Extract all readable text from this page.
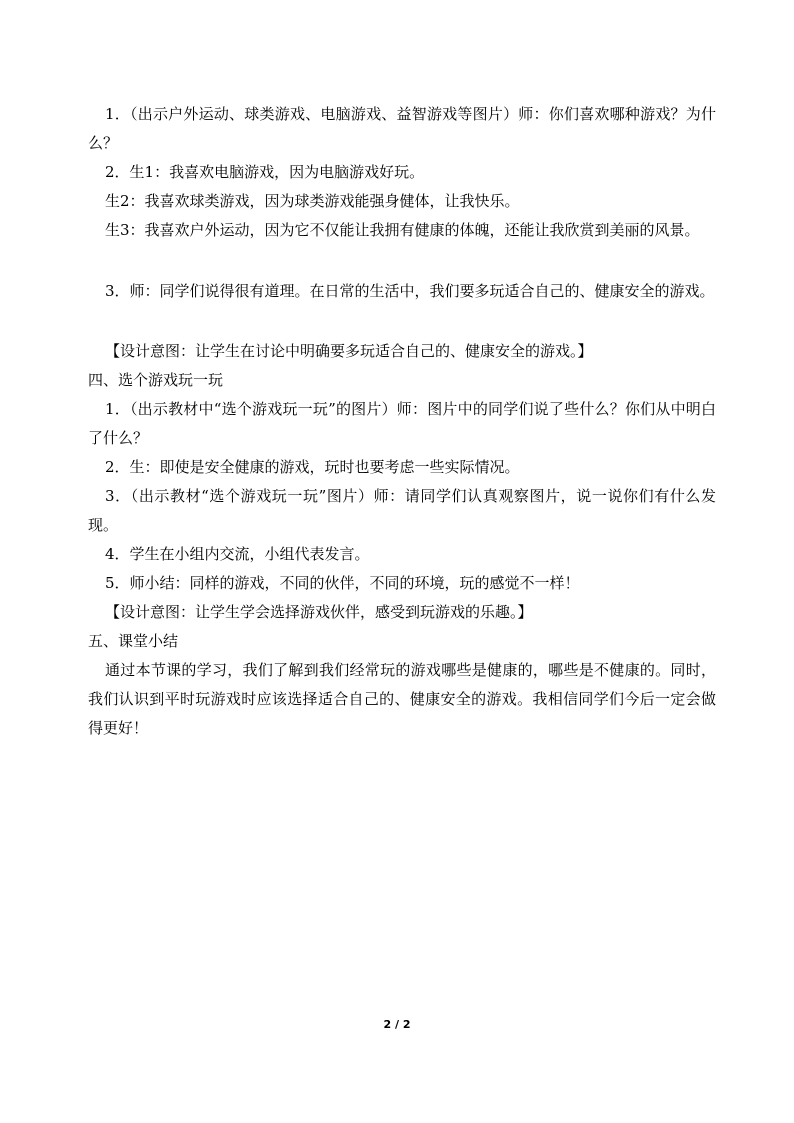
1．（出示户外运动、球类游戏、电脑游戏、益智游戏等图片）师：你们喜欢哪种游戏？为什么？

2．生1：我喜欢电脑游戏，因为电脑游戏好玩。

生2：我喜欢球类游戏，因为球类游戏能强身健体，让我快乐。

生3：我喜欢户外运动，因为它不仅能让我拥有健康的体魄，还能让我欣赏到美丽的风景。

3．师：同学们说得很有道理。在日常的生活中，我们要多玩适合自己的、健康安全的游戏。

【设计意图：让学生在讨论中明确要多玩适合自己的、健康安全的游戏。】

四、选个游戏玩一玩

1．（出示教材中“选个游戏玩一玩”的图片）师：图片中的同学们说了些什么？你们从中明白了什么？

2．生：即使是安全健康的游戏，玩时也要考虑一些实际情况。

3．（出示教材“选个游戏玩一玩”图片）师：请同学们认真观察图片，说一说你们有什么发现。

4．学生在小组内交流，小组代表发言。

5．师小结：同样的游戏，不同的伙伴，不同的环境，玩的感觉不一样！

【设计意图：让学生学会选择游戏伙伴，感受到玩游戏的乐趣。】

五、课堂小结

通过本节课的学习，我们了解到我们经常玩的游戏哪些是健康的，哪些是不健康的。同时，我们认识到平时玩游戏时应该选择适合自己的、健康安全的游戏。我相信同学们今后一定会做得更好！

2 / 2
